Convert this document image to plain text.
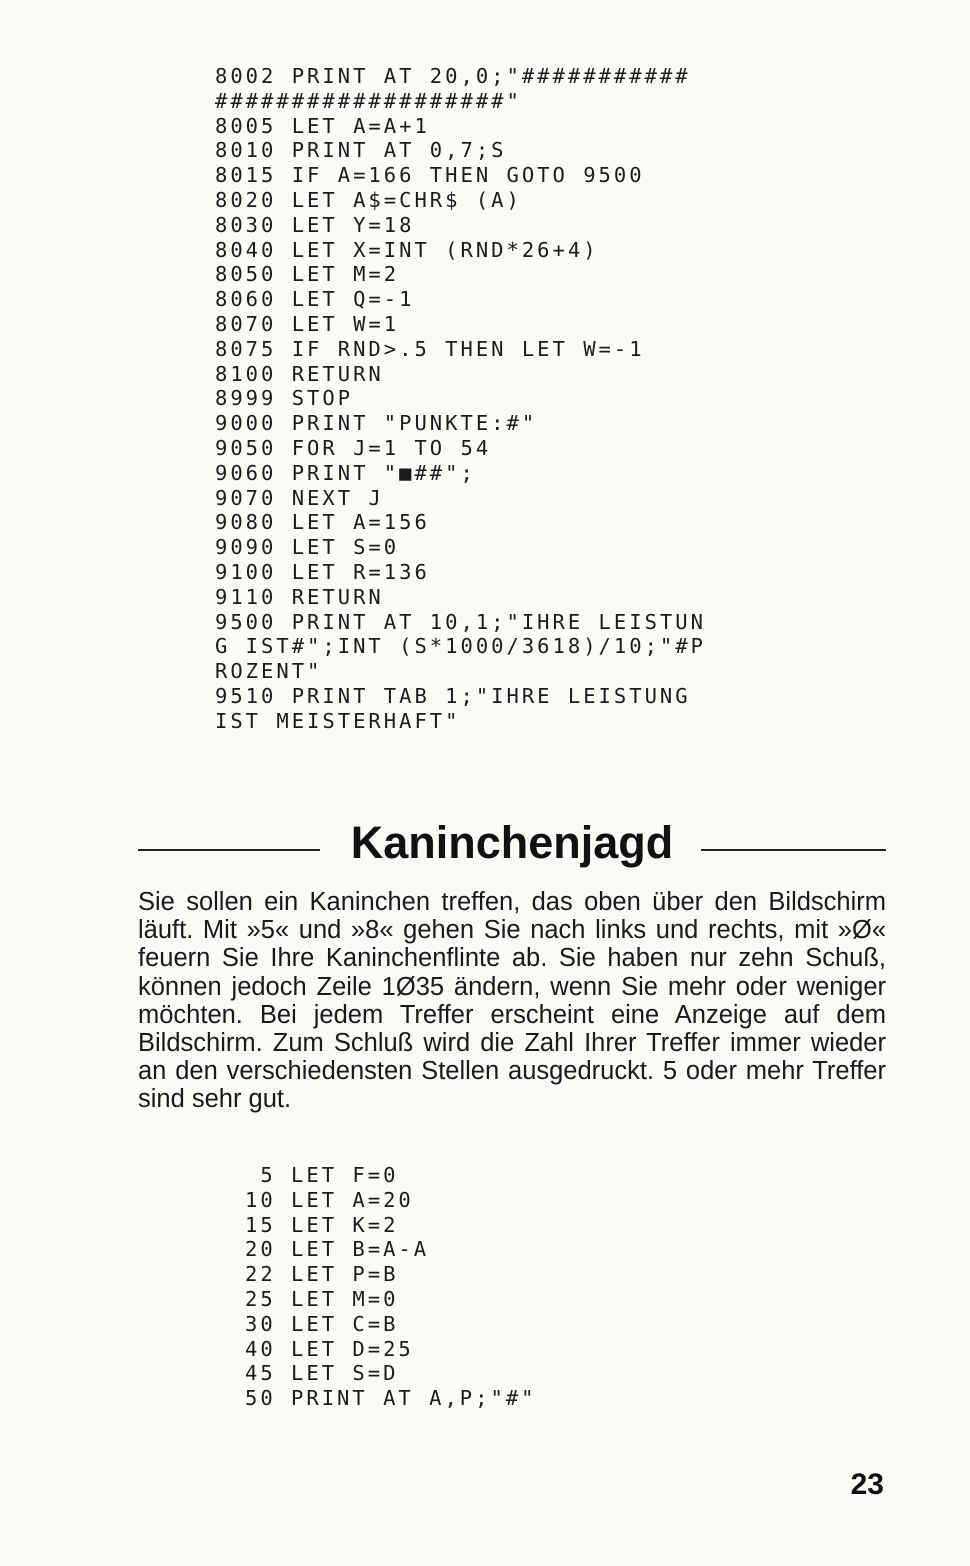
8002 PRINT AT 20,0;"###########
###################"
8005 LET A=A+1
8010 PRINT AT 0,7;S
8015 IF A=166 THEN GOTO 9500
8020 LET A$=CHR$ (A)
8030 LET Y=18
8040 LET X=INT (RND*26+4)
8050 LET M=2
8060 LET Q=-1
8070 LET W=1
8075 IF RND>.5 THEN LET W=-1
8100 RETURN
8999 STOP
9000 PRINT "PUNKTE:#"
9050 FOR J=1 TO 54
9060 PRINT "■##";
9070 NEXT J
9080 LET A=156
9090 LET S=0
9100 LET R=136
9110 RETURN
9500 PRINT AT 10,1;"IHRE LEISTUN
G IST#";INT (S*1000/3618)/10;"#P
ROZENT"
9510 PRINT TAB 1;"IHRE LEISTUNG
IST MEISTERHAFT"
Kaninchenjagd

Sie sollen ein Kaninchen treffen, das oben über den Bildschirm läuft. Mit »5« und »8« gehen Sie nach links und rechts, mit »Ø« feuern Sie Ihre Kaninchenflinte ab. Sie haben nur zehn Schuß, können jedoch Zeile 1Ø35 ändern, wenn Sie mehr oder weniger möchten. Bei jedem Treffer erscheint eine Anzeige auf dem Bildschirm. Zum Schluß wird die Zahl Ihrer Treffer immer wieder an den verschiedensten Stellen ausgedruckt. 5 oder mehr Treffer sind sehr gut.

5 LET F=0
10 LET A=20
15 LET K=2
20 LET B=A-A
22 LET P=B
25 LET M=0
30 LET C=B
40 LET D=25
45 LET S=D
50 PRINT AT A,P;"#"
23
